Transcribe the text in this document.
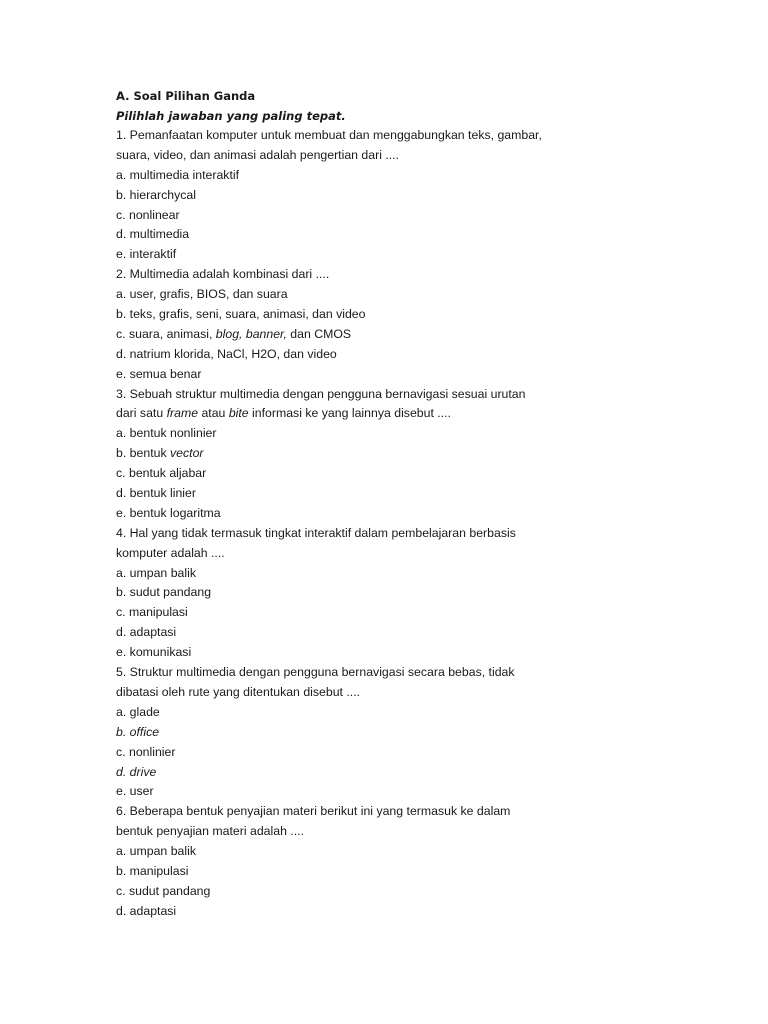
A. Soal Pilihan Ganda
Pilihlah jawaban yang paling tepat.
1. Pemanfaatan komputer untuk membuat dan menggabungkan teks, gambar,
suara, video, dan animasi adalah pengertian dari ....
a. multimedia interaktif
b. hierarchycal
c. nonlinear
d. multimedia
e. interaktif
2. Multimedia adalah kombinasi dari ....
a. user, grafis, BIOS, dan suara
b. teks, grafis, seni, suara, animasi, dan video
c. suara, animasi, blog, banner, dan CMOS
d. natrium klorida, NaCl, H2O, dan video
e. semua benar
3. Sebuah struktur multimedia dengan pengguna bernavigasi sesuai urutan
dari satu frame atau bite informasi ke yang lainnya disebut ....
a. bentuk nonlinier
b. bentuk vector
c. bentuk aljabar
d. bentuk linier
e. bentuk logaritma
4. Hal yang tidak termasuk tingkat interaktif dalam pembelajaran berbasis
komputer adalah ....
a. umpan balik
b. sudut pandang
c. manipulasi
d. adaptasi
e. komunikasi
5. Struktur multimedia dengan pengguna bernavigasi secara bebas, tidak
dibatasi oleh rute yang ditentukan disebut ....
a. glade
b. office
c. nonlinier
d. drive
e. user
6. Beberapa bentuk penyajian materi berikut ini yang termasuk ke dalam
bentuk penyajian materi adalah ....
a. umpan balik
b. manipulasi
c. sudut pandang
d. adaptasi
